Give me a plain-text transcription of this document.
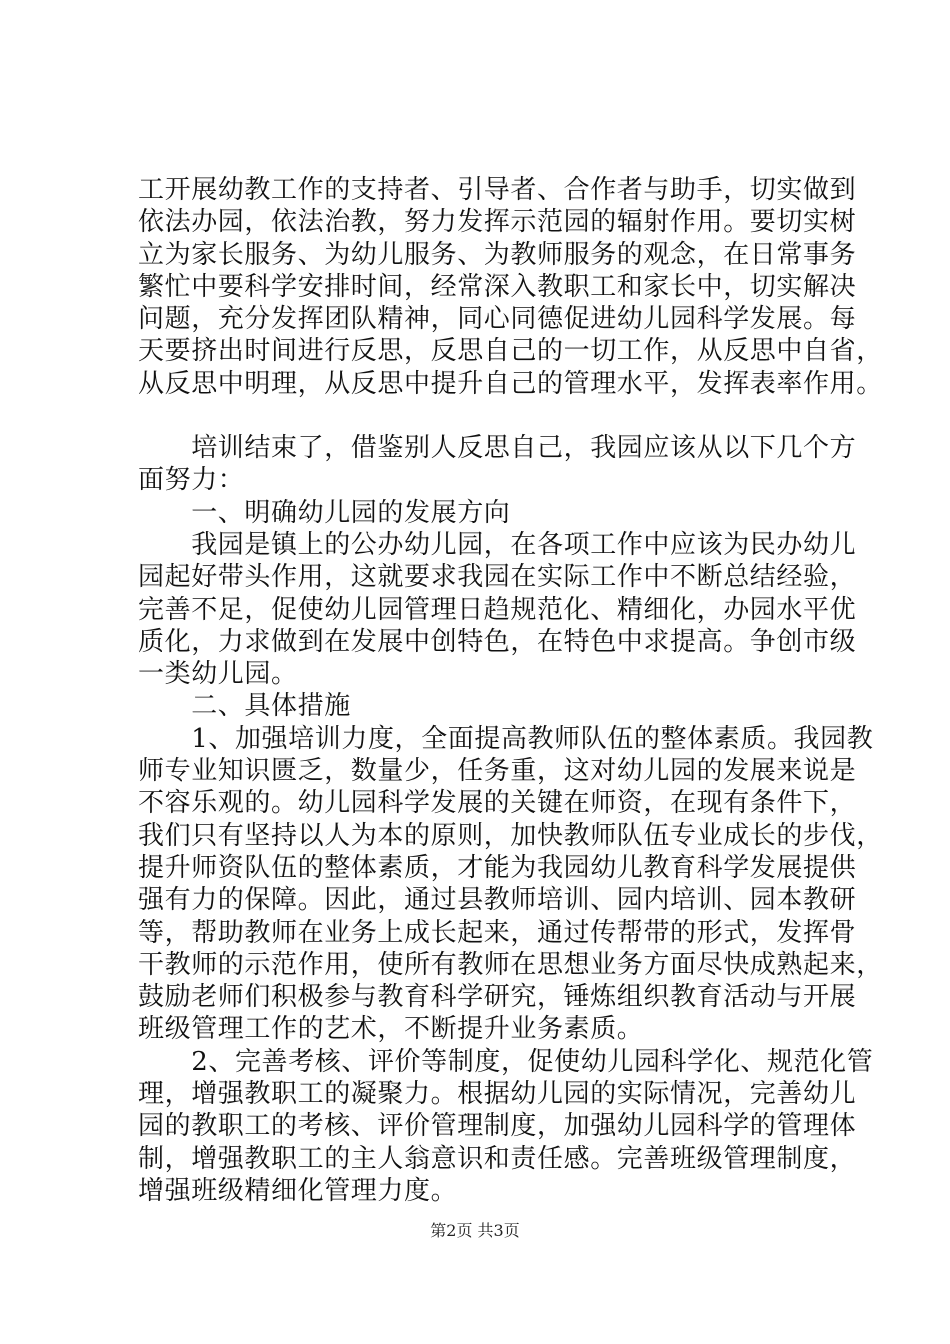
工开展幼教工作的支持者、引导者、合作者与助手，切实做到
依法办园，依法治教，努力发挥示范园的辐射作用。要切实树
立为家长服务、为幼儿服务、为教师服务的观念，在日常事务
繁忙中要科学安排时间，经常深入教职工和家长中，切实解决
问题，充分发挥团队精神，同心同德促进幼儿园科学发展。每
天要挤出时间进行反思，反思自己的一切工作，从反思中自省，
从反思中明理，从反思中提升自己的管理水平，发挥表率作用。
　　培训结束了，借鉴别人反思自己，我园应该从以下几个方
面努力：
　　一、明确幼儿园的发展方向
　　我园是镇上的公办幼儿园，在各项工作中应该为民办幼儿
园起好带头作用，这就要求我园在实际工作中不断总结经验，
完善不足，促使幼儿园管理日趋规范化、精细化，办园水平优
质化，力求做到在发展中创特色，在特色中求提高。争创市级
一类幼儿园。
　　二、具体措施
　　1、加强培训力度，全面提高教师队伍的整体素质。我园教
师专业知识匮乏，数量少，任务重，这对幼儿园的发展来说是
不容乐观的。幼儿园科学发展的关键在师资，在现有条件下，
我们只有坚持以人为本的原则，加快教师队伍专业成长的步伐，
提升师资队伍的整体素质，才能为我园幼儿教育科学发展提供
强有力的保障。因此，通过县教师培训、园内培训、园本教研
等，帮助教师在业务上成长起来，通过传帮带的形式，发挥骨
干教师的示范作用，使所有教师在思想业务方面尽快成熟起来，
鼓励老师们积极参与教育科学研究，锤炼组织教育活动与开展
班级管理工作的艺术，不断提升业务素质。
　　2、完善考核、评价等制度，促使幼儿园科学化、规范化管
理，增强教职工的凝聚力。根据幼儿园的实际情况，完善幼儿
园的教职工的考核、评价管理制度，加强幼儿园科学的管理体
制，增强教职工的主人翁意识和责任感。完善班级管理制度，
增强班级精细化管理力度。
第2页 共3页
